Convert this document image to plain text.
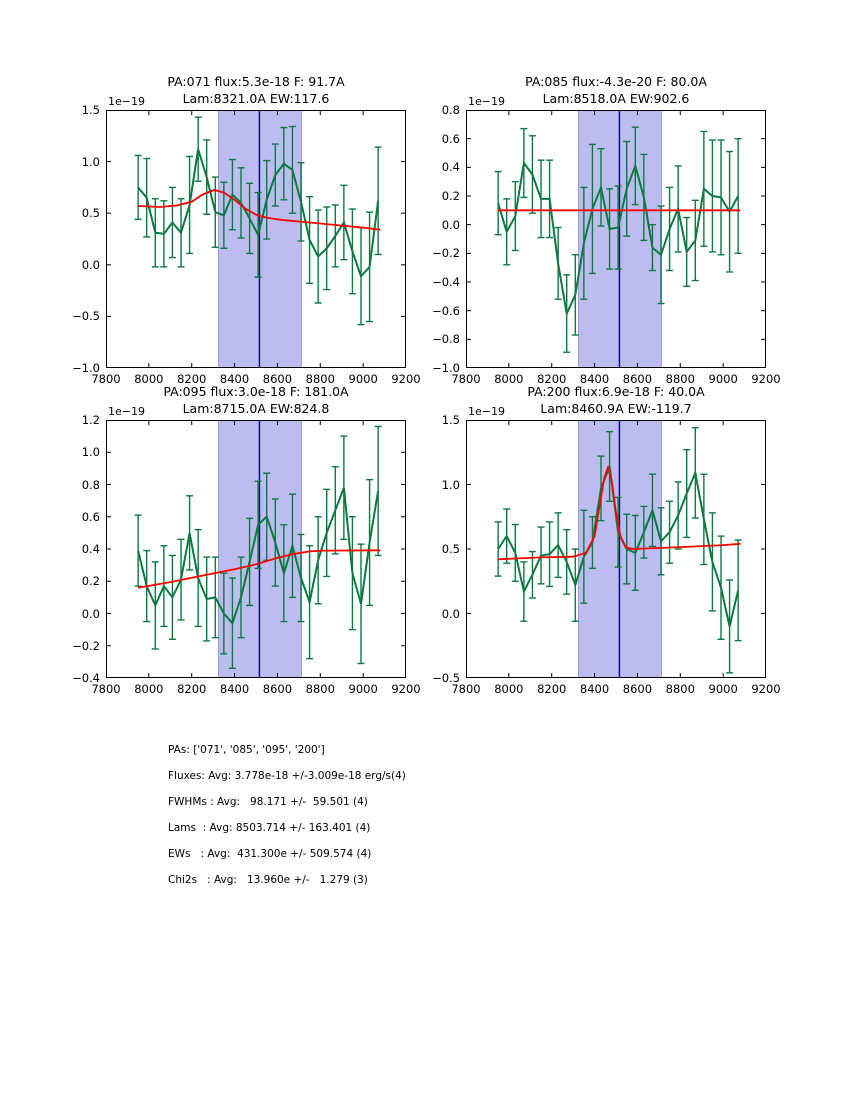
PA:071 flux:5.3e-18 F: 91.7A
Lam:8321.0A EW:117.6
1e−19
−1.0
−0.5
0.0
0.5
1.0
1.5
7800	8000	8200	8400	8600	8800	9000	9200
PA:085 flux:-4.3e-20 F: 80.0A
Lam:8518.0A EW:902.6
1e−19
−1.0
−0.8
−0.6
−0.4
−0.2
0.0
0.2
0.4
0.6
0.8
7800	8000	8200	8400	8600	8800	9000	9200
PA:095 flux:3.0e-18 F: 181.0A
Lam:8715.0A EW:824.8
1e−19
−0.4
−0.2
0.0
0.2
0.4
0.6
0.8
1.0
1.2
7800	8000	8200	8400	8600	8800	9000	9200
PA:200 flux:6.9e-18 F: 40.0A
Lam:8460.9A EW:-119.7
1e−19
−0.5
0.0
0.5
1.0
1.5
7800	8000	8200	8400	8600	8800	9000	9200
PAs: ['071', '085', '095', '200']
Fluxes: Avg: 3.778e-18 +/-3.009e-18 erg/s(4)
FWHMs : Avg:   98.171 +/-  59.501 (4)
Lams  : Avg: 8503.714 +/- 163.401 (4)
EWs   : Avg:  431.300e +/- 509.574 (4)
Chi2s   : Avg:   13.960e +/-   1.279 (3)
